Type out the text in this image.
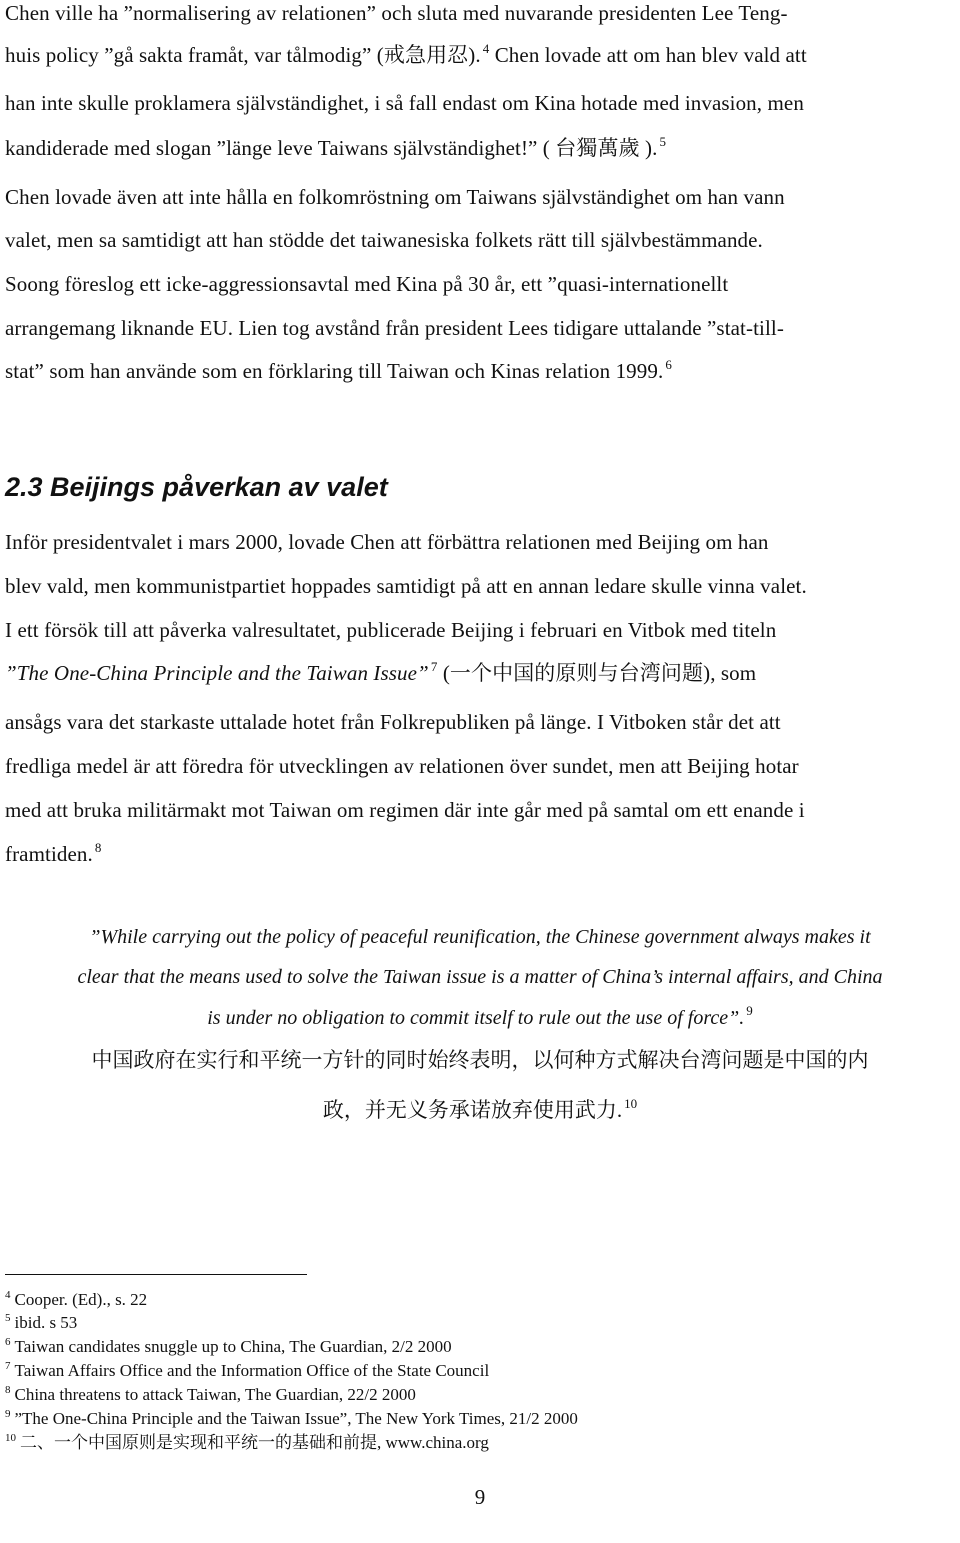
Chen ville ha ”normalisering av relationen” och sluta med nuvarande presidenten Lee Teng-
huis policy ”gå sakta framåt, var tålmodig” (戒急用忍). $^4$ Chen lovade att om han blev vald att
han inte skulle proklamera självständighet, i så fall endast om Kina hotade med invasion, men
kandiderade med slogan ”länge leve Taiwans självständighet!” ( 台獨萬歲 ). $^5$
Chen lovade även att inte hålla en folkomröstning om Taiwans självständighet om han vann
valet, men sa samtidigt att han stödde det taiwanesiska folkets rätt till självbestämmande.
Soong föreslog ett icke-aggressionsavtal med Kina på 30 år, ett ”quasi-internationellt
arrangemang liknande EU. Lien tog avstånd från president Lees tidigare uttalande ”stat-till-
stat” som han använde som en förklaring till Taiwan och Kinas relation 1999. $^6$
2.3 Beijings påverkan av valet
Inför presidentvalet i mars 2000, lovade Chen att förbättra relationen med Beijing om han
blev vald, men kommunistpartiet hoppades samtidigt på att en annan ledare skulle vinna valet.
I ett försök till att påverka valresultatet, publicerade Beijing i februari en Vitbok med titeln
”The One-China Principle and the Taiwan Issue” $^7$ (一个中国的原则与台湾问题), som
ansågs vara det starkaste uttalade hotet från Folkrepubliken på länge. I Vitboken står det att
fredliga medel är att föredra för utvecklingen av relationen över sundet, men att Beijing hotar
med att bruka militärmakt mot Taiwan om regimen där inte går med på samtal om ett enande i
framtiden. $^8$
”While carrying out the policy of peaceful reunification, the Chinese government always makes it
clear that the means used to solve the Taiwan issue is a matter of China’s internal affairs, and China
is under no obligation to commit itself to rule out the use of force”. $^9$
中国政府在实行和平统一方针的同时始终表明，以何种方式解决台湾问题是中国的内
政，并无义务承诺放弃使用武力. $^{10}$
$^4$ Cooper. (Ed)., s. 22
$^5$ ibid. s 53
$^6$ Taiwan candidates snuggle up to China, The Guardian, 2/2 2000
$^7$ Taiwan Affairs Office and the Information Office of the State Council
$^8$ China threatens to attack Taiwan, The Guardian, 22/2 2000
$^9$ ”The One-China Principle and the Taiwan Issue”, The New York Times, 21/2 2000
$^{10}$ 二、一个中国原则是实现和平统一的基础和前提, www.china.org
9
